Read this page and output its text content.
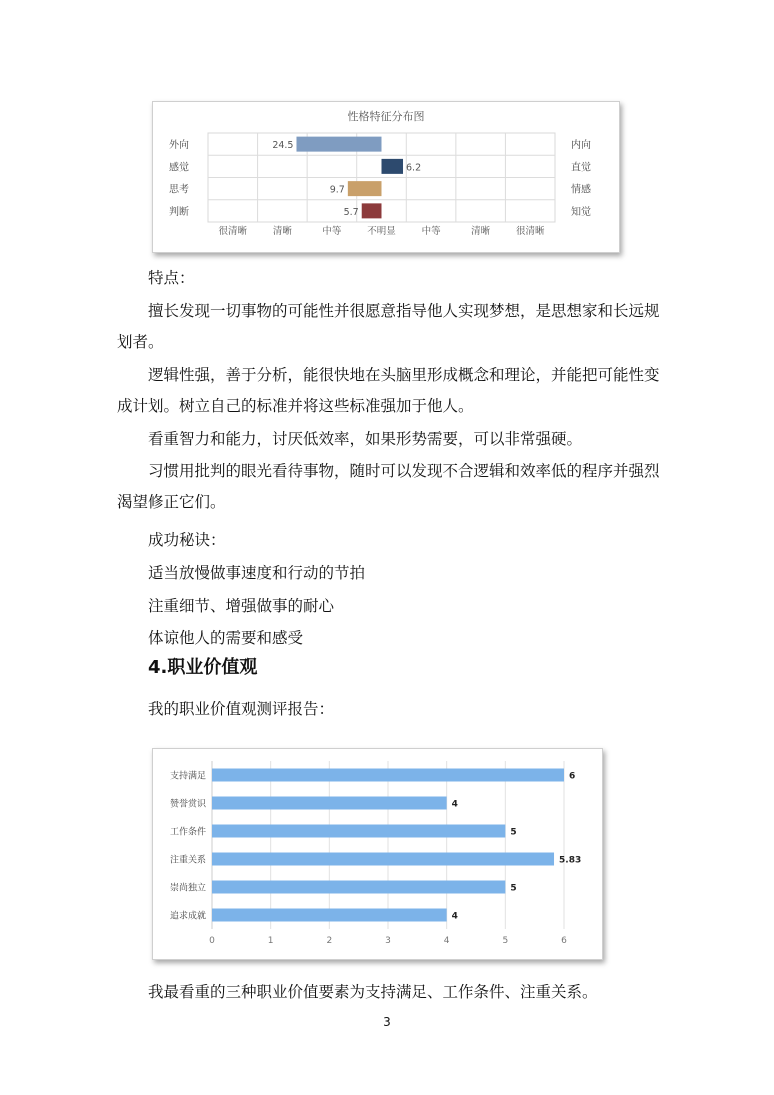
性格特征分布图
外向	内向
24.5
感觉	直觉
6.2
思考	情感
9.7
判断	知觉
5.7
很清晰	清晰	中等	不明显	中等	清晰	很清晰

特点：

擅长发现一切事物的可能性并很愿意指导他人实现梦想，是思想家和长远规划者。

逻辑性强，善于分析，能很快地在头脑里形成概念和理论，并能把可能性变成计划。树立自己的标准并将这些标准强加于他人。

看重智力和能力，讨厌低效率，如果形势需要，可以非常强硬。

习惯用批判的眼光看待事物，随时可以发现不合逻辑和效率低的程序并强烈渴望修正它们。

成功秘诀：

适当放慢做事速度和行动的节拍

注重细节、增强做事的耐心

体谅他人的需要和感受

4.职业价值观

我的职业价值观测评报告：

0	1	2	3	4	5	6
支持满足	6
赞誉赏识	4
工作条件	5
注重关系	5.83
崇尚独立	5
追求成就	4

我最看重的三种职业价值要素为支持满足、工作条件、注重关系。

3
